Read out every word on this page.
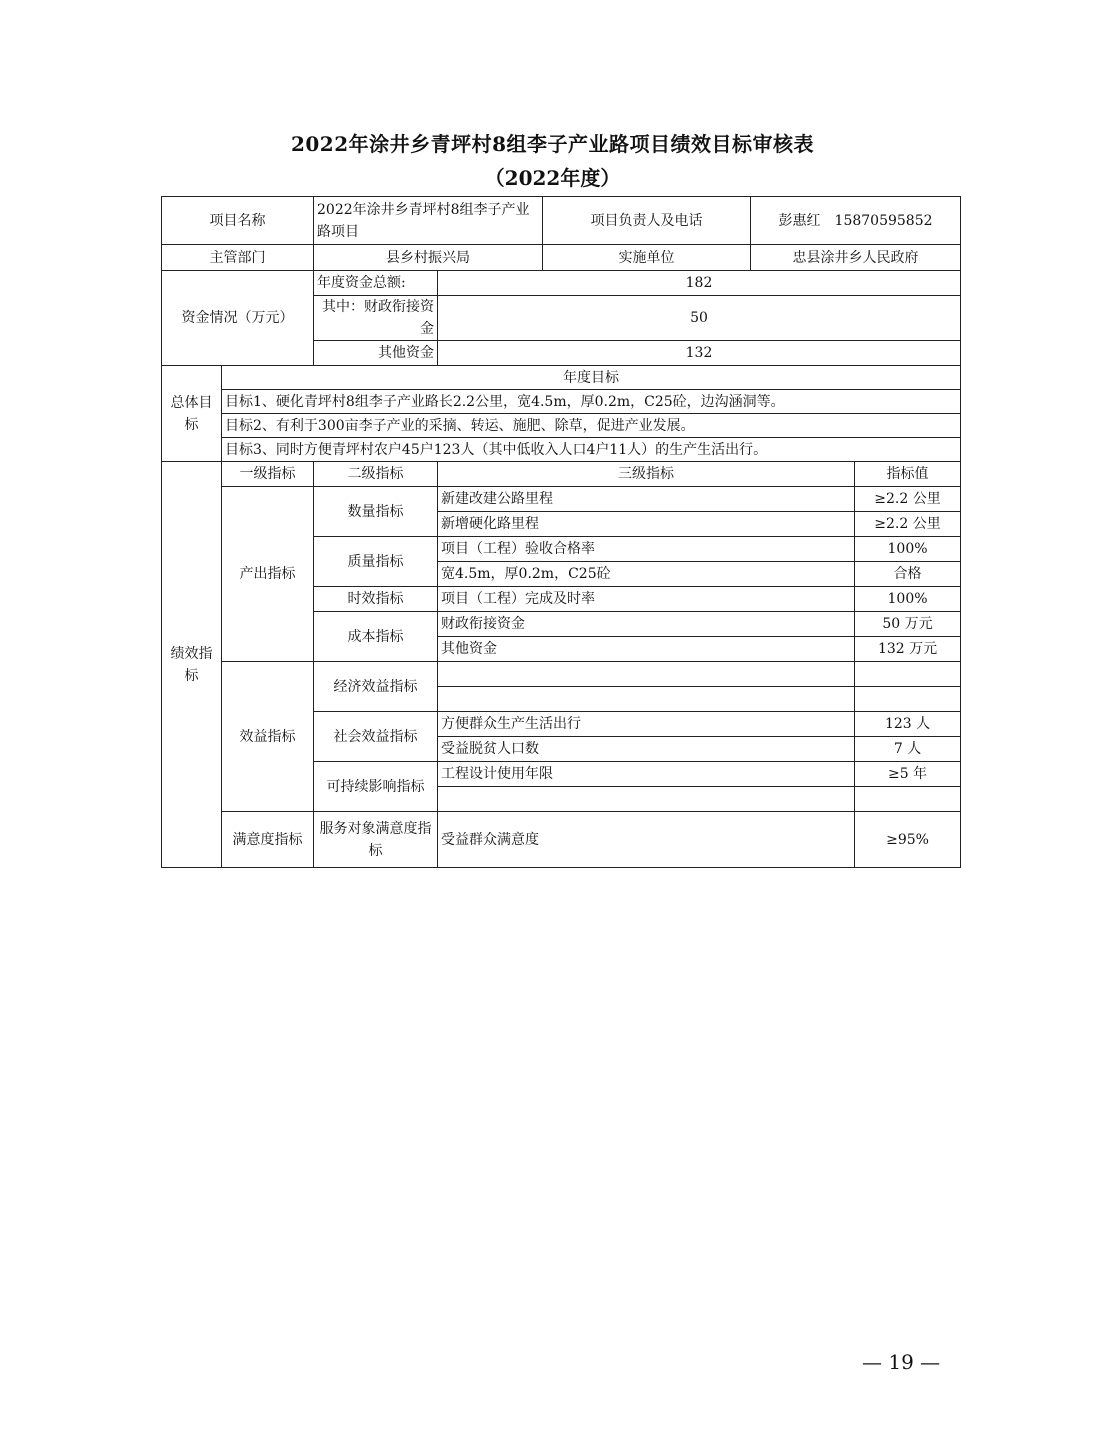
2022年涂井乡青坪村8组李子产业路项目绩效目标审核表
（2022年度）
项目名称		2022年涂井乡青坪村8组李子产业路项目		项目负责人及电话	彭惠红　15870595852	
主管部门		县乡村振兴局		实施单位	忠县涂井乡人民政府	
资金情况（万元）		年度资金总额:	182			
		其中：财政衔接资金	50			
		其他资金	132			
总体目标	年度目标					
	目标1、硬化青坪村8组李子产业路长2.2公里，宽4.5m，厚0.2m，C25砼，边沟涵洞等。					
	目标2、有利于300亩李子产业的采摘、转运、施肥、除草，促进产业发展。					
	目标3、同时方便青坪村农户45户123人（其中低收入人口4户11人）的生产生活出行。					
绩效指标	一级指标	二级指标	三级指标			指标值
	产出指标	数量指标	新建改建公路里程			≥2.2 公里
			新增硬化路里程			≥2.2 公里
		质量指标	项目（工程）验收合格率			100%
			宽4.5m，厚0.2m，C25砼			合格
		时效指标	项目（工程）完成及时率			100%
		成本指标	财政衔接资金			50 万元
			其他资金			132 万元
	效益指标	经济效益指标				

		社会效益指标	方便群众生产生活出行			123 人
			受益脱贫人口数			7 人
		可持续影响指标	工程设计使用年限			≥5 年

	满意度指标	服务对象满意度指标	受益群众满意度			≥95%
— 19 —
